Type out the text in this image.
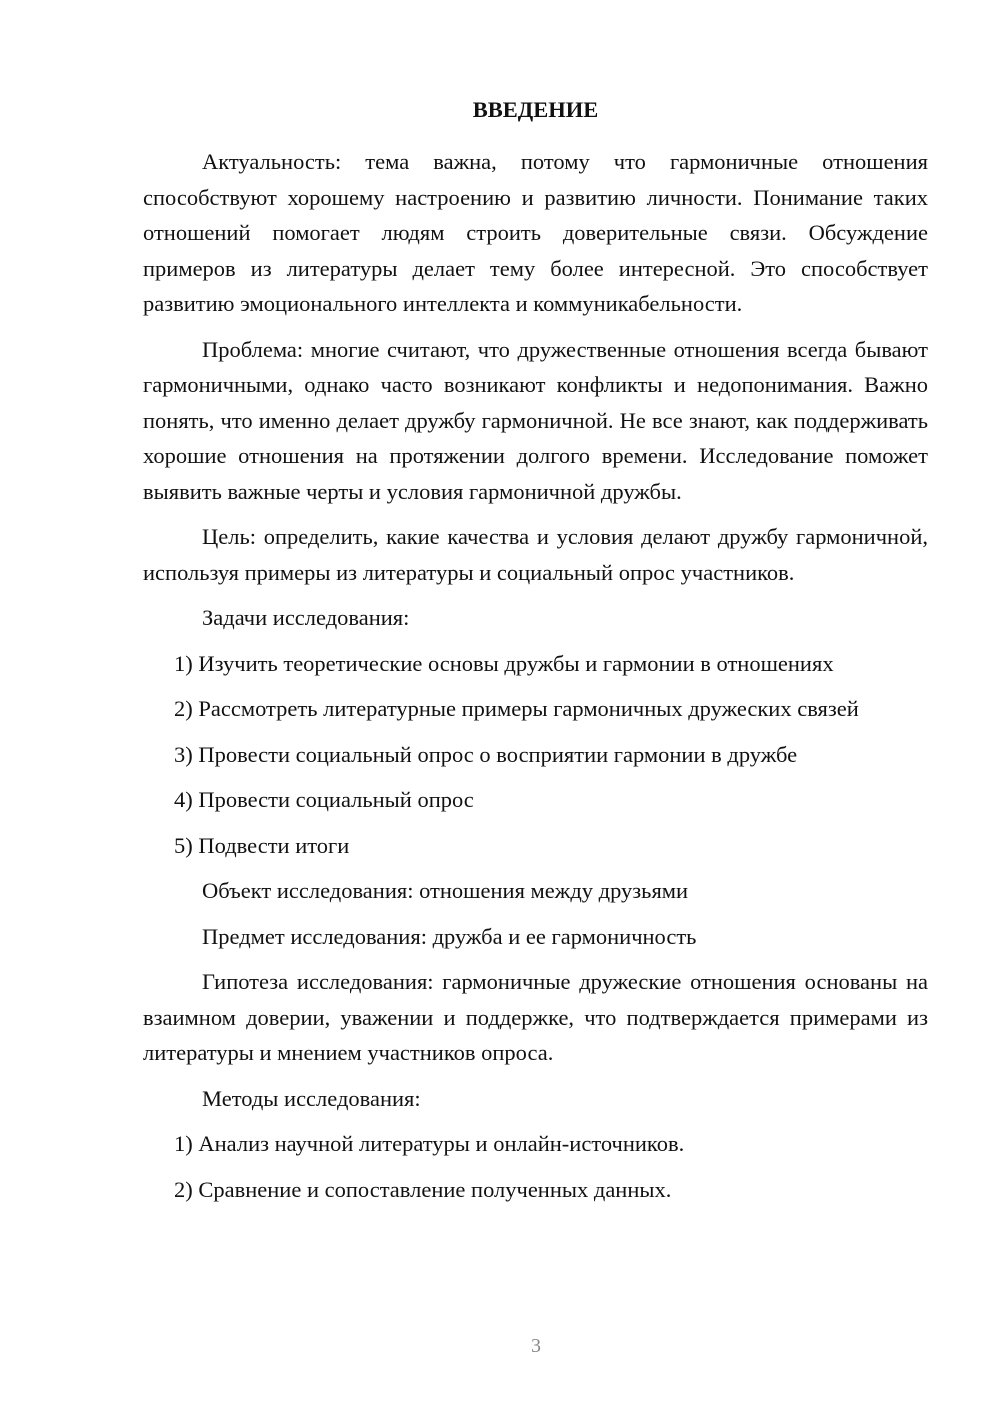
ВВЕДЕНИЕ

Актуальность: тема важна, потому что гармоничные отношения способствуют хорошему настроению и развитию личности. Понимание таких отношений помогает людям строить доверительные связи. Обсуждение примеров из литературы делает тему более интересной. Это способствует развитию эмоционального интеллекта и коммуникабельности.

Проблема: многие считают, что дружественные отношения всегда бывают гармоничными, однако часто возникают конфликты и недопонимания. Важно понять, что именно делает дружбу гармоничной. Не все знают, как поддерживать хорошие отношения на протяжении долгого времени. Исследование поможет выявить важные черты и условия гармоничной дружбы.

Цель: определить, какие качества и условия делают дружбу гармоничной, используя примеры из литературы и социальный опрос участников.

Задачи исследования:

1) Изучить теоретические основы дружбы и гармонии в отношениях

2) Рассмотреть литературные примеры гармоничных дружеских связей

3) Провести социальный опрос о восприятии гармонии в дружбе

4) Провести социальный опрос

5) Подвести итоги

Объект исследования: отношения между друзьями

Предмет исследования: дружба и ее гармоничность

Гипотеза исследования: гармоничные дружеские отношения основаны на взаимном доверии, уважении и поддержке, что подтверждается примерами из литературы и мнением участников опроса.

Методы исследования:

1) Анализ научной литературы и онлайн-источников.

2) Сравнение и сопоставление полученных данных.

3
